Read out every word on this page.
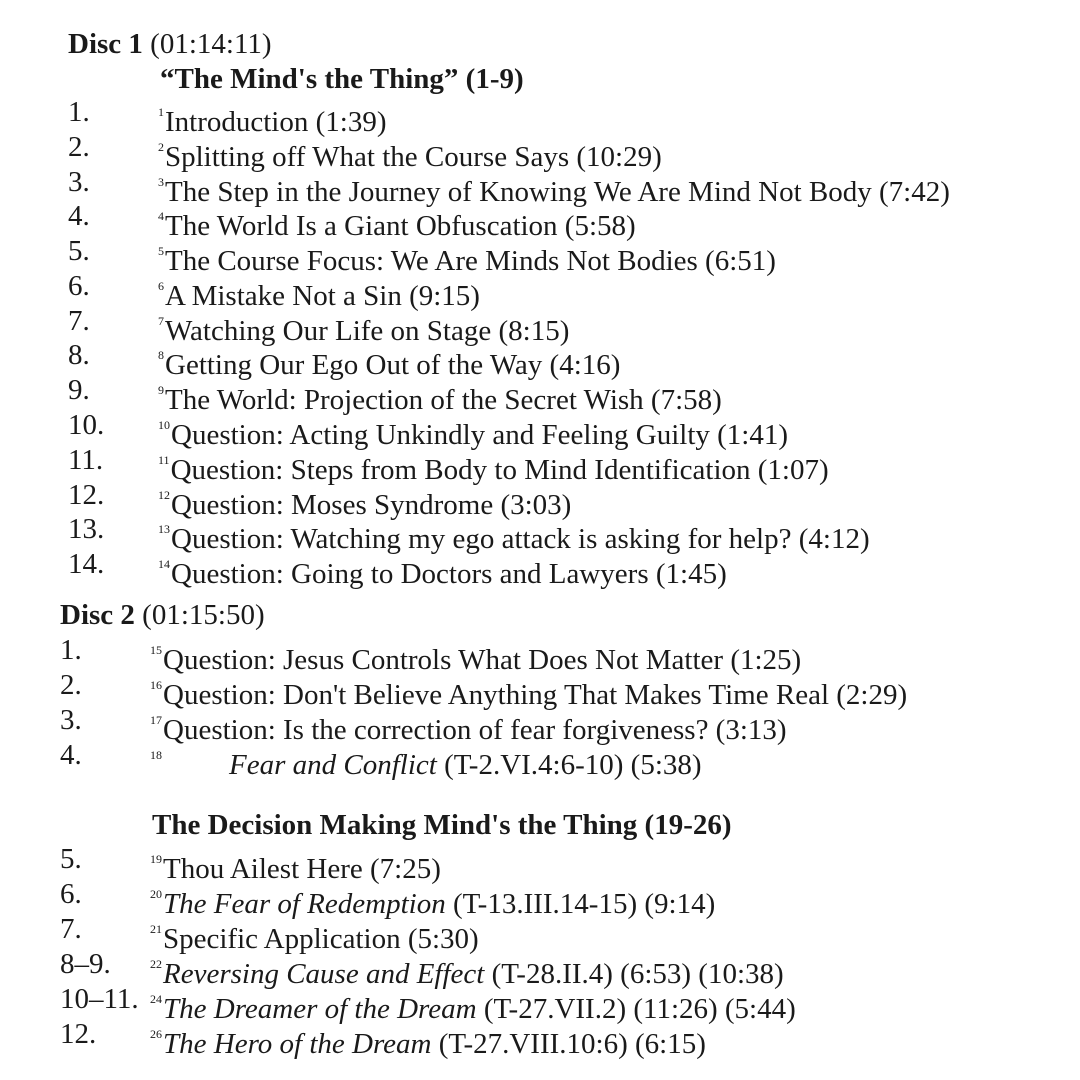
Disc 1 (01:14:11)
“The Mind's the Thing” (1-9)
1.	$^1$Introduction (1:39)
2.	$^2$Splitting off What the Course Says (10:29)
3.	$^3$The Step in the Journey of Knowing We Are Mind Not Body (7:42)
4.	$^4$The World Is a Giant Obfuscation (5:58)
5.	$^5$The Course Focus: We Are Minds Not Bodies (6:51)
6.	$^6$A Mistake Not a Sin (9:15)
7.	$^7$Watching Our Life on Stage (8:15)
8.	$^8$Getting Our Ego Out of the Way (4:16)
9.	$^9$The World: Projection of the Secret Wish (7:58)
10.	$^{10}$Question: Acting Unkindly and Feeling Guilty (1:41)
11.	$^{11}$Question: Steps from Body to Mind Identification (1:07)
12.	$^{12}$Question: Moses Syndrome (3:03)
13.	$^{13}$Question: Watching my ego attack is asking for help? (4:12)
14.	$^{14}$Question: Going to Doctors and Lawyers (1:45)
Disc 2 (01:15:50)
1.	$^{15}$Question: Jesus Controls What Does Not Matter (1:25)
2.	$^{16}$Question: Don't Believe Anything That Makes Time Real (2:29)
3.	$^{17}$Question: Is the correction of fear forgiveness? (3:13)
4.	$^{18}$ Fear and Conflict (T-2.VI.4:6-10) (5:38)
The Decision Making Mind's the Thing (19-26)
5.	$^{19}$Thou Ailest Here (7:25)
6.	$^{20}$The Fear of Redemption (T-13.III.14-15) (9:14)
7.	$^{21}$Specific Application (5:30)
8–9.	$^{22}$Reversing Cause and Effect (T-28.II.4) (6:53) (10:38)
10–11. $^{24}$The Dreamer of the Dream (T-27.VII.2) (11:26) (5:44)
12.	$^{26}$The Hero of the Dream (T-27.VIII.10:6) (6:15)
